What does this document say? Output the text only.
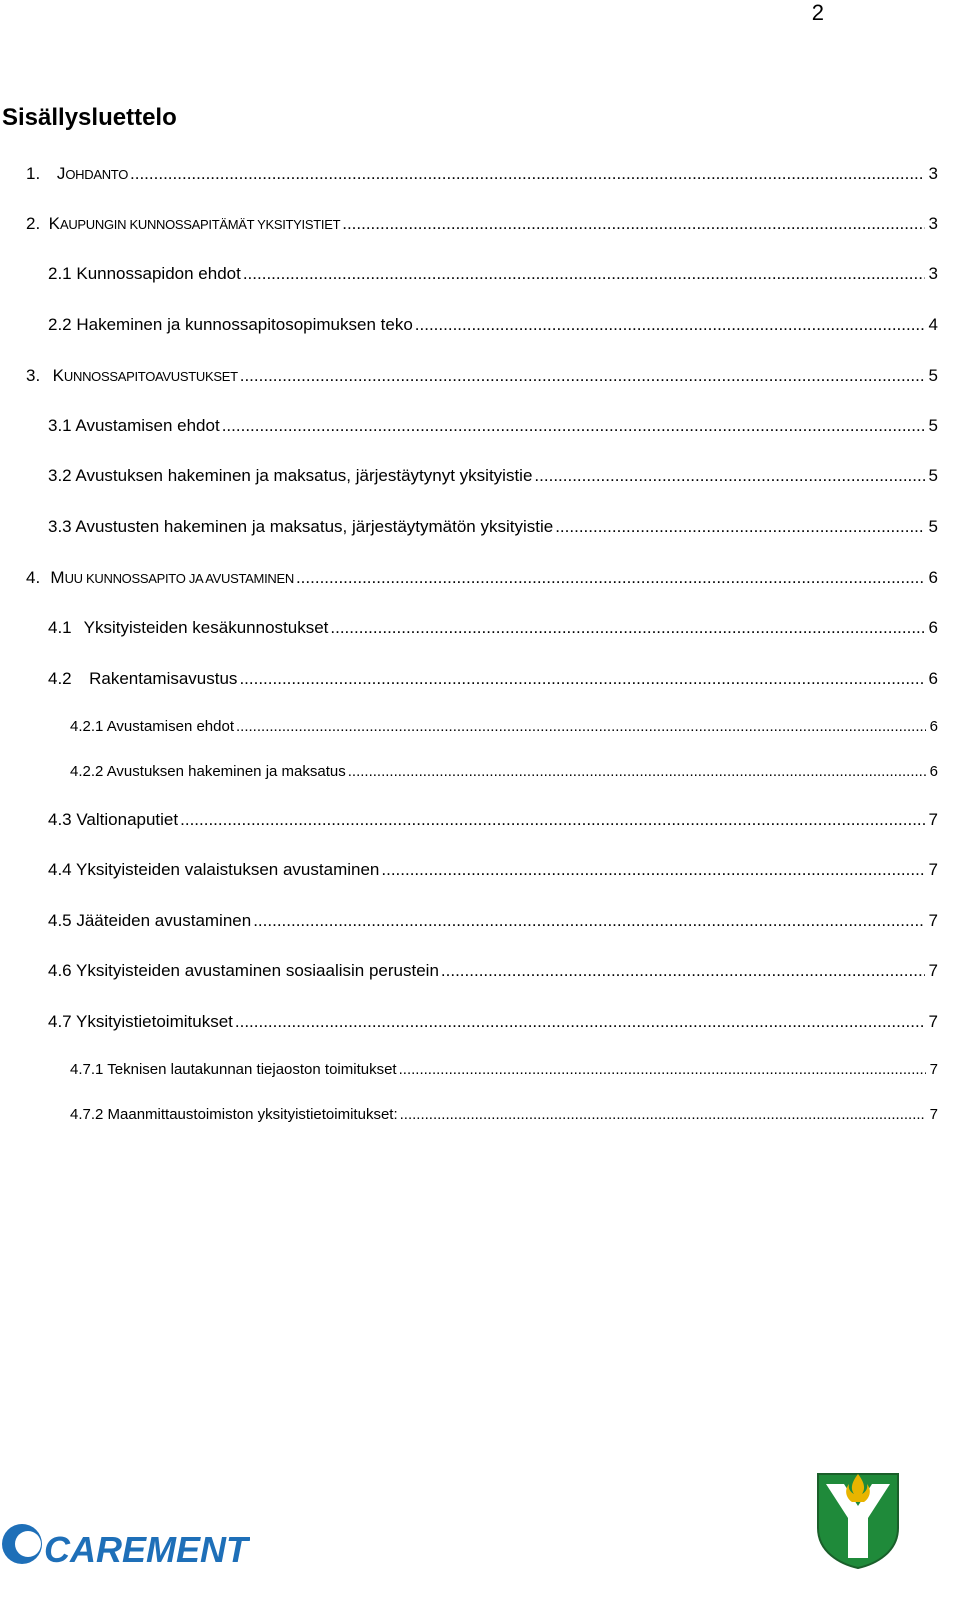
2
Sisällysluettelo
1. JOHDANTO .....	3
2. KAUPUNGIN KUNNOSSAPITÄMÄT YKSITYISTIET .....	3
2.1 Kunnossapidon ehdot .....	3
2.2 Hakeminen ja kunnossapitosopimuksen teko .....	4
3. KUNNOSSAPITOAVUSTUKSET .....	5
3.1 Avustamisen ehdot .....	5
3.2 Avustuksen hakeminen ja maksatus, järjestäytynyt yksityistie .....	5
3.3 Avustusten hakeminen ja maksatus, järjestäytymätön yksityistie .....	5
4. MUU KUNNOSSAPITO JA AVUSTAMINEN .....	6
4.1 Yksityisteiden kesäkunnostukset .....	6
4.2	Rakentamisavustus .....	6
4.2.1 Avustamisen ehdot .....	6
4.2.2 Avustuksen hakeminen ja maksatus .....	6
4.3 Valtionaputiet .....	7
4.4 Yksityisteiden valaistuksen avustaminen .....	7
4.5 Jääteiden avustaminen .....	7
4.6 Yksityisteiden avustaminen sosiaalisin perustein .....	7
4.7 Yksityistietoimitukset .....	7
4.7.1 Teknisen lautakunnan tiejaoston toimitukset .....	7
4.7.2 Maanmittaustoimiston yksityistietoimitukset: .....	7
CAREMENT
